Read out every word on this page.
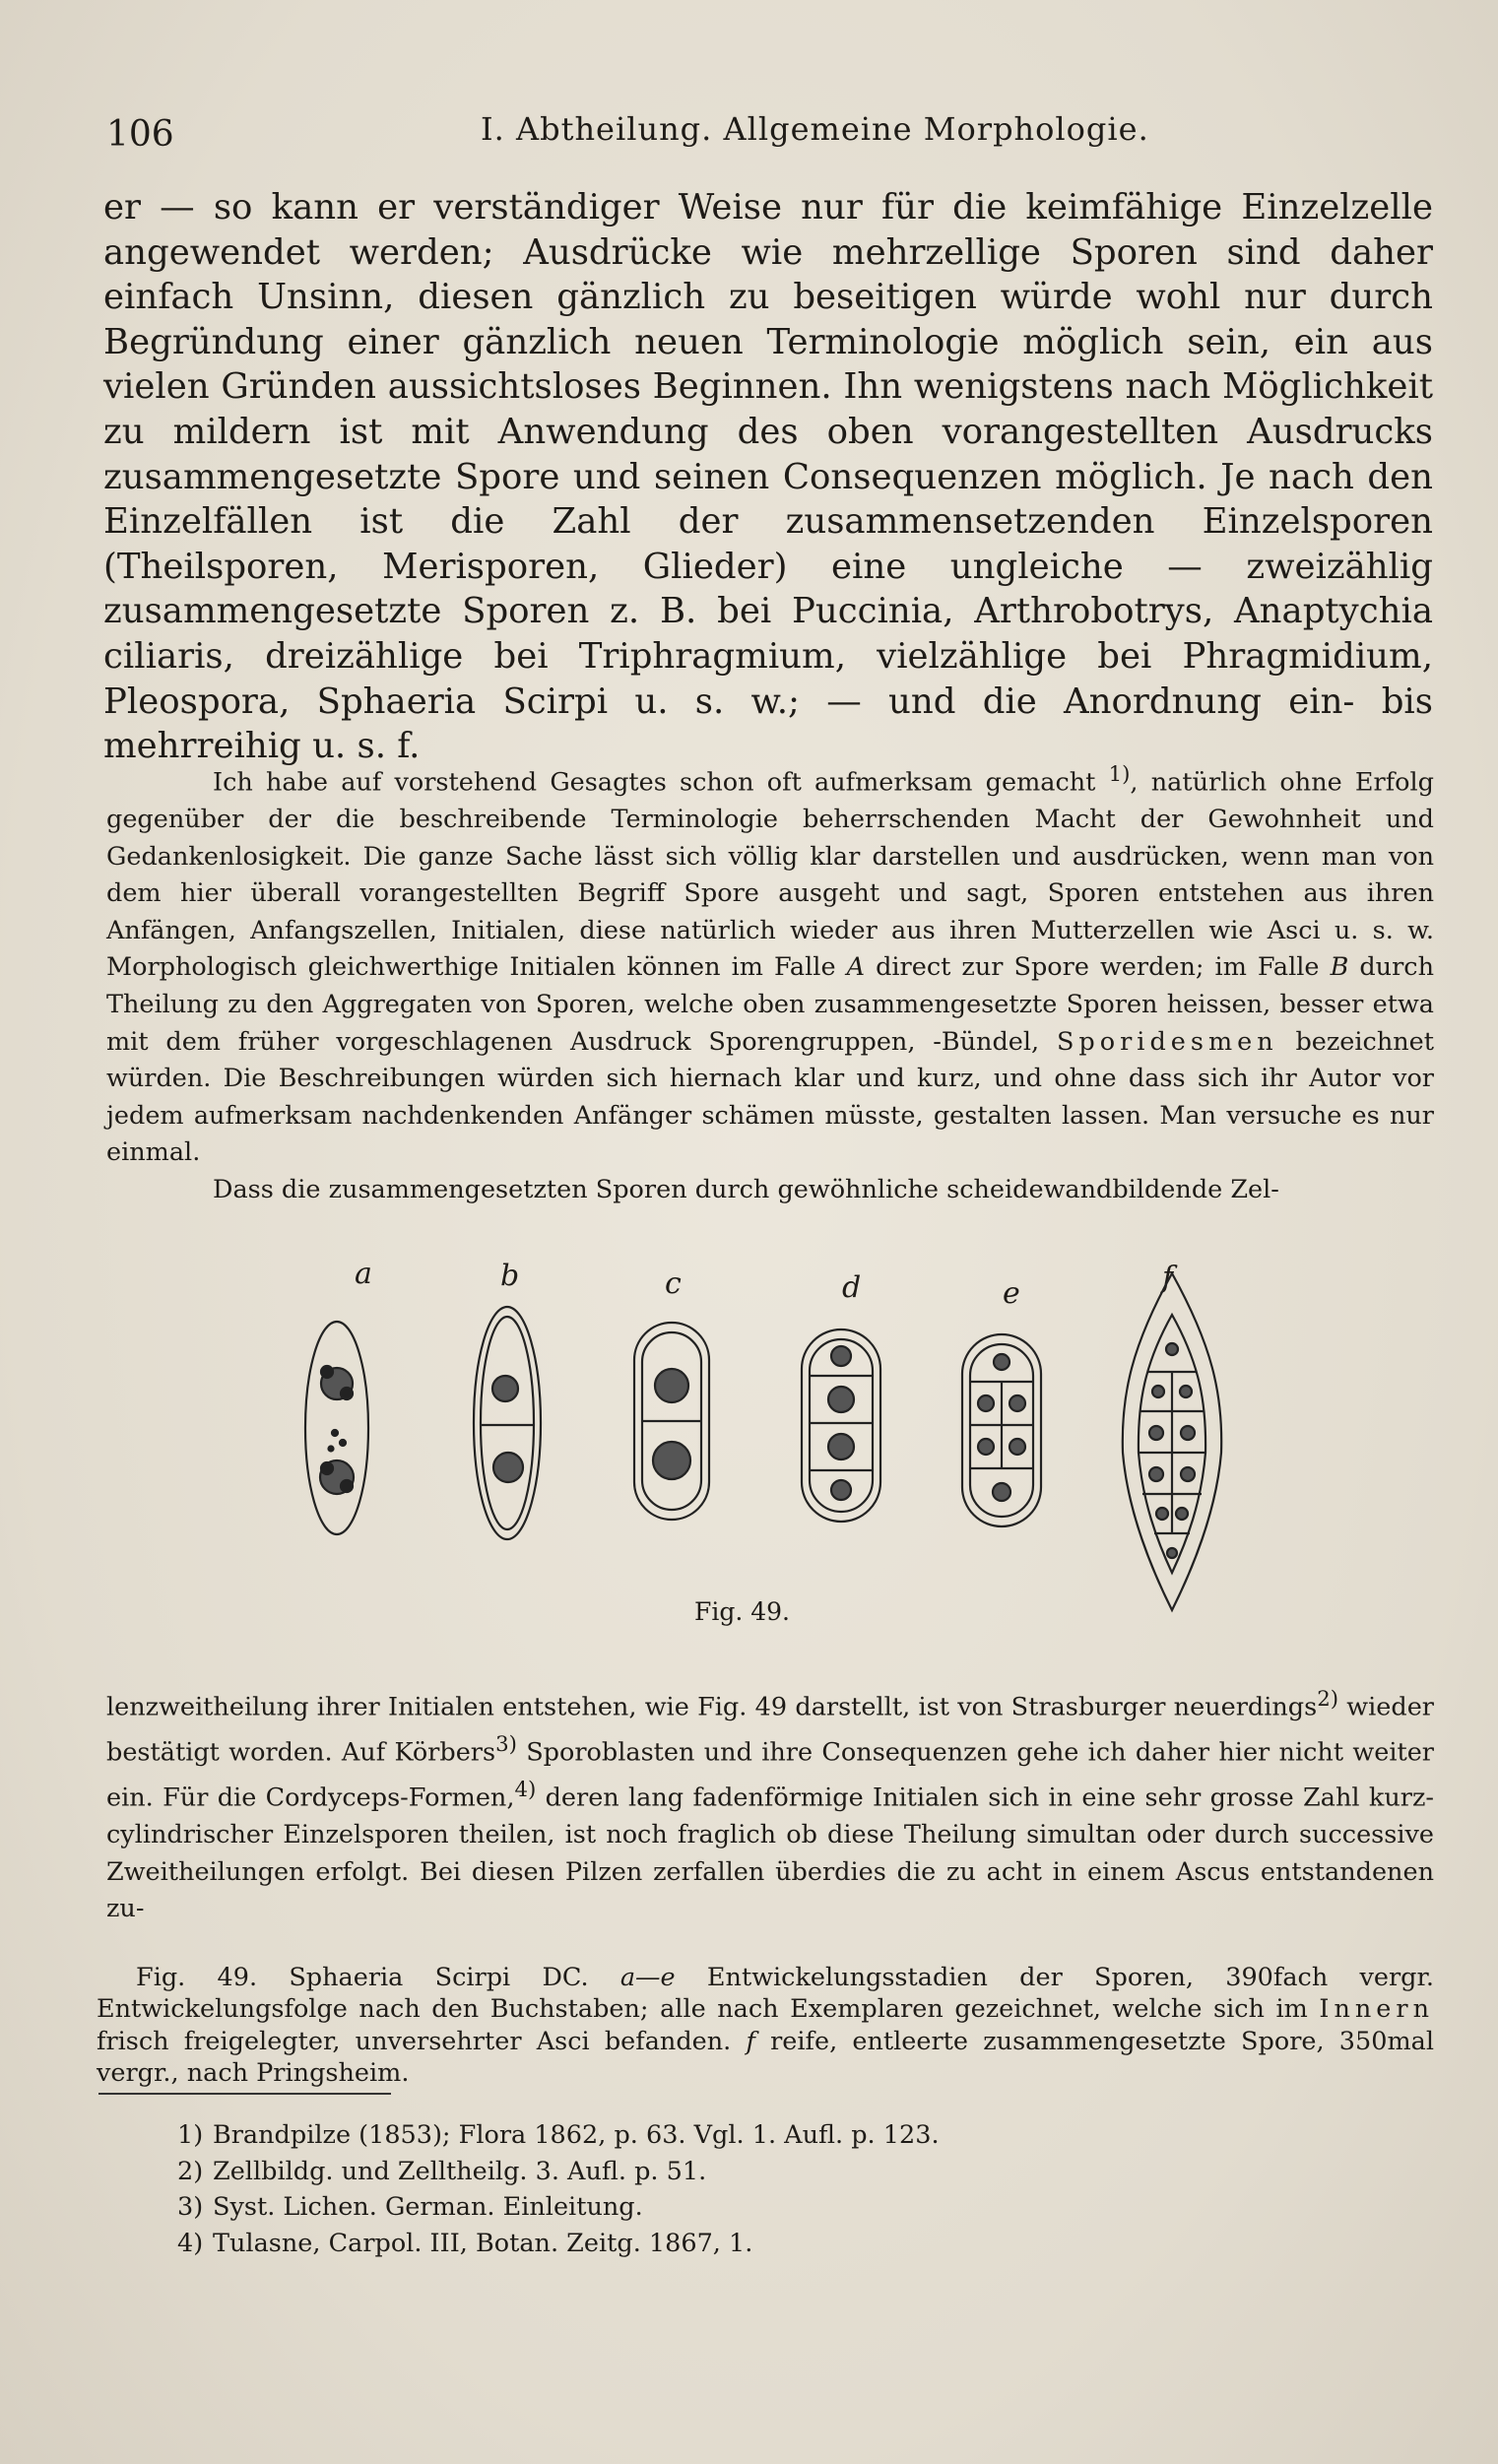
106	I. Abtheilung. Allgemeine Morphologie.

er — so kann er verständiger Weise nur für die keimfähige Einzelzelle angewendet werden; Ausdrücke wie mehrzellige Sporen sind daher einfach Unsinn, diesen gänzlich zu beseitigen würde wohl nur durch Begründung einer gänzlich neuen Terminologie möglich sein, ein aus vielen Gründen aussichtsloses Beginnen. Ihn wenigstens nach Möglichkeit zu mildern ist mit Anwendung des oben vorangestellten Ausdrucks zusammengesetzte Spore und seinen Consequenzen möglich. Je nach den Einzelfällen ist die Zahl der zusammensetzenden Einzelsporen (Theilsporen, Merisporen, Glieder) eine ungleiche — zweizählig zusammengesetzte Sporen z. B. bei Puccinia, Arthrobotrys, Anaptychia ciliaris, dreizählige bei Triphragmium, vielzählige bei Phragmidium, Pleospora, Sphaeria Scirpi u. s. w.; — und die Anordnung ein- bis mehrreihig u. s. f.

Ich habe auf vorstehend Gesagtes schon oft aufmerksam gemacht $^{1)}$, natürlich ohne Erfolg gegenüber der die beschreibende Terminologie beherrschenden Macht der Gewohnheit und Gedankenlosigkeit. Die ganze Sache lässt sich völlig klar darstellen und ausdrücken, wenn man von dem hier überall vorangestellten Begriff Spore ausgeht und sagt, Sporen entstehen aus ihren Anfängen, Anfangszellen, Initialen, diese natürlich wieder aus ihren Mutterzellen wie Asci u. s. w. Morphologisch gleichwerthige Initialen können im Falle A direct zur Spore werden; im Falle B durch Theilung zu den Aggregaten von Sporen, welche oben zusammengesetzte Sporen heissen, besser etwa mit dem früher vorgeschlagenen Ausdruck Sporengruppen, -Bündel, Sporidesmen bezeichnet würden. Die Beschreibungen würden sich hiernach klar und kurz, und ohne dass sich ihr Autor vor jedem aufmerksam nachdenkenden Anfänger schämen müsste, gestalten lassen. Man versuche es nur einmal.

Dass die zusammengesetzten Sporen durch gewöhnliche scheidewandbildende Zel-

a	b	c	d	e	f
Fig. 49.

lenzweitheilung ihrer Initialen entstehen, wie Fig. 49 darstellt, ist von Strasburger neuerdings$^{2)}$ wieder bestätigt worden. Auf Körbers$^{3)}$ Sporoblasten und ihre Consequenzen gehe ich daher hier nicht weiter ein. Für die Cordyceps-Formen,$^{4)}$ deren lang fadenförmige Initialen sich in eine sehr grosse Zahl kurz-cylindrischer Einzelsporen theilen, ist noch fraglich ob diese Theilung simultan oder durch successive Zweitheilungen erfolgt. Bei diesen Pilzen zerfallen überdies die zu acht in einem Ascus entstandenen zu-

Fig. 49. Sphaeria Scirpi DC. a—e Entwickelungsstadien der Sporen, 390fach vergr. Entwickelungsfolge nach den Buchstaben; alle nach Exemplaren gezeichnet, welche sich im Innern frisch freigelegter, unversehrter Asci befanden. f reife, entleerte zusammengesetzte Spore, 350mal vergr., nach Pringsheim.

1) Brandpilze (1853); Flora 1862, p. 63. Vgl. 1. Aufl. p. 123.
2) Zellbildg. und Zelltheilg. 3. Aufl. p. 51.
3) Syst. Lichen. German. Einleitung.
4) Tulasne, Carpol. III, Botan. Zeitg. 1867, 1.
